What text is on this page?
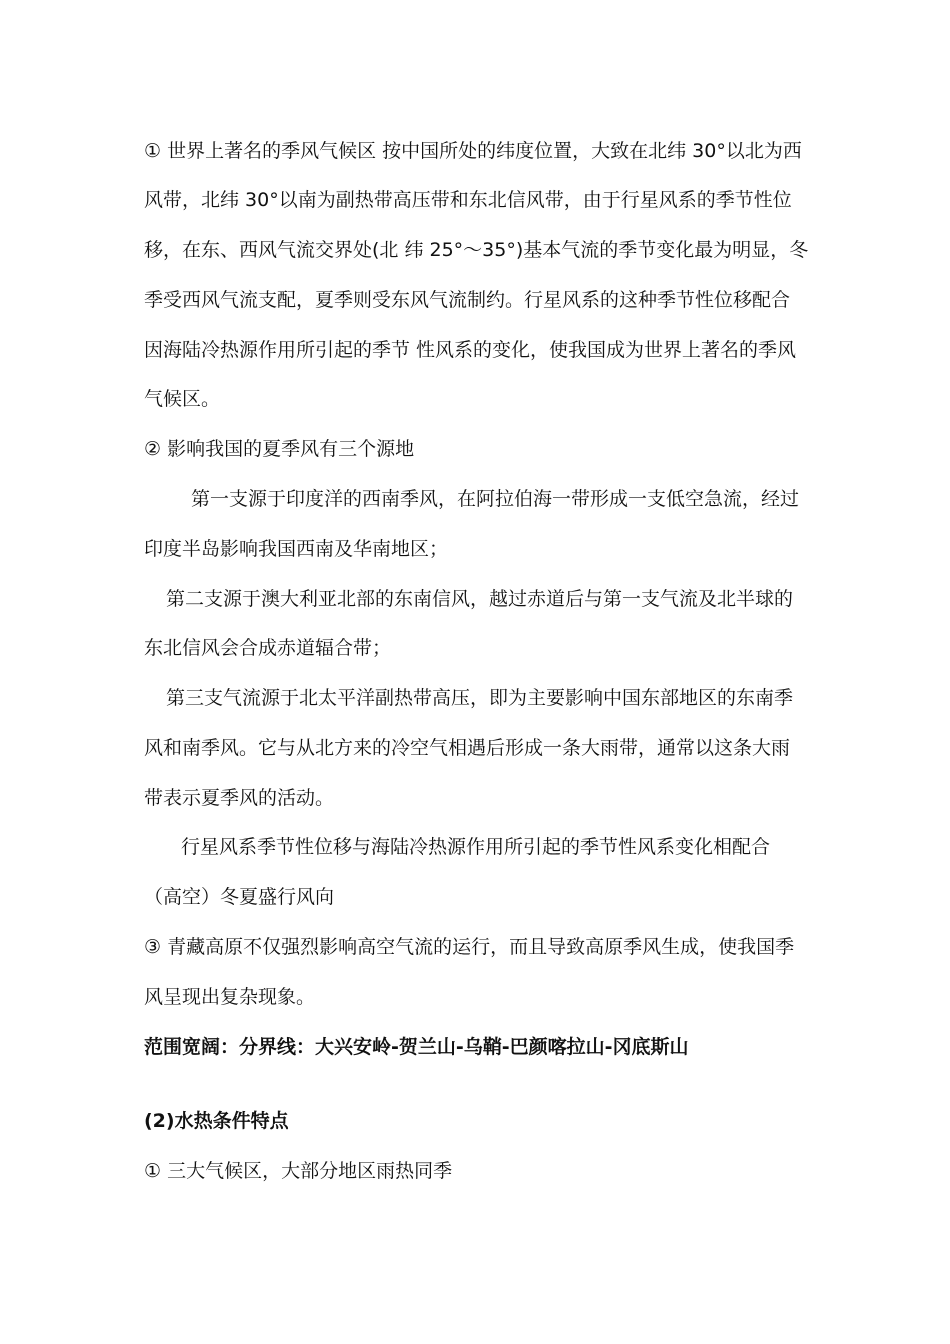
① 世界上著名的季风气候区 按中国所处的纬度位置，大致在北纬 30°以北为西
风带，北纬 30°以南为副热带高压带和东北信风带，由于行星风系的季节性位
移，在东、西风气流交界处(北 纬 25°～35°)基本气流的季节变化最为明显，冬
季受西风气流支配，夏季则受东风气流制约。行星风系的这种季节性位移配合
因海陆冷热源作用所引起的季节 性风系的变化，使我国成为世界上著名的季风
气候区。
② 影响我国的夏季风有三个源地
第一支源于印度洋的西南季风，在阿拉伯海一带形成一支低空急流，经过
印度半岛影响我国西南及华南地区；
第二支源于澳大利亚北部的东南信风，越过赤道后与第一支气流及北半球的
东北信风会合成赤道辐合带；
第三支气流源于北太平洋副热带高压，即为主要影响中国东部地区的东南季
风和南季风。它与从北方来的冷空气相遇后形成一条大雨带，通常以这条大雨
带表示夏季风的活动。
行星风系季节性位移与海陆冷热源作用所引起的季节性风系变化相配合
（高空）冬夏盛行风向
③ 青藏高原不仅强烈影响高空气流的运行，而且导致高原季风生成，使我国季
风呈现出复杂现象。
范围宽阔：分界线：大兴安岭-贺兰山-乌鞘-巴颜喀拉山-冈底斯山
(2)水热条件特点
① 三大气候区，大部分地区雨热同季
